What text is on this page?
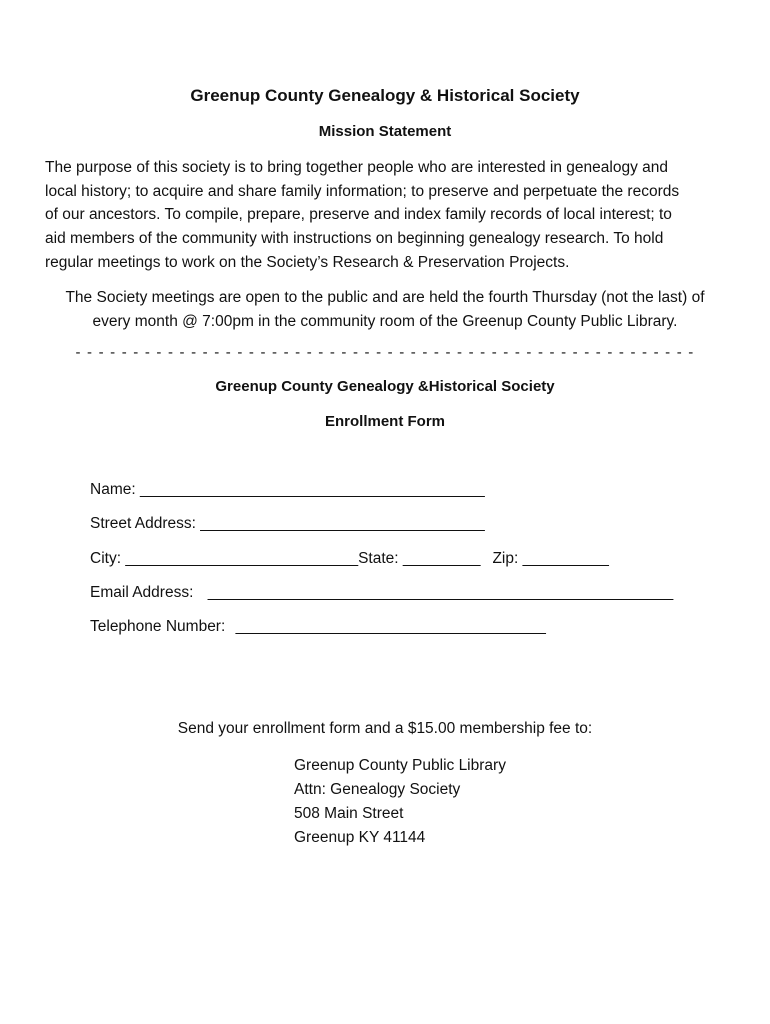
Greenup County Genealogy & Historical Society
Mission Statement
The purpose of this society is to bring together people who are interested in genealogy and
local history; to acquire and share family information; to preserve and perpetuate the records
of our ancestors. To compile, prepare, preserve and index family records of local interest; to
aid members of the community with instructions on beginning genealogy research. To hold
regular meetings to work on the Society’s Research & Preservation Projects.
The Society meetings are open to the public and are held the fourth Thursday (not the last) of
every month @ 7:00pm in the community room of the Greenup County Public Library.
- - - - - - - - - - - - - - - - - - - - - - - - - - - - - - - - - - - - - - - - - - - - - - - - - - - - - -
Greenup County Genealogy &Historical Society
Enrollment Form
Name: ________________________________________
Street Address: _________________________________
City: ___________________________State: _________ Zip: __________
Email Address: ______________________________________________________
Telephone Number: ____________________________________
Send your enrollment form and a $15.00 membership fee to:
Greenup County Public Library
Attn: Genealogy Society
508 Main Street
Greenup KY 41144
